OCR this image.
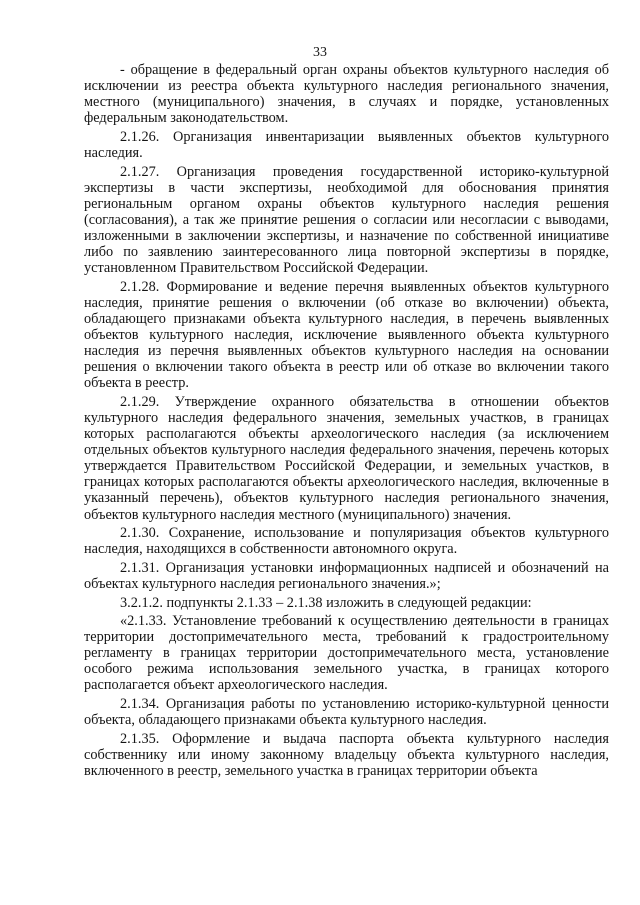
33

- обращение в федеральный орган охраны объектов культурного наследия об исключении из реестра объекта культурного наследия регионального значения, местного (муниципального) значения, в случаях и порядке, установленных федеральным законодательством.

2.1.26. Организация инвентаризации выявленных объектов культурного наследия.

2.1.27. Организация проведения государственной историко-культурной экспертизы в части экспертизы, необходимой для обоснования принятия региональным органом охраны объектов культурного наследия решения (согласования), а так же принятие решения о согласии или несогласии с выводами, изложенными в заключении экспертизы, и назначение по собственной инициативе либо по заявлению заинтересованного лица повторной экспертизы в порядке, установленном Правительством Российской Федерации.

2.1.28. Формирование и ведение перечня выявленных объектов культурного наследия, принятие решения о включении (об отказе во включении) объекта, обладающего признаками объекта культурного наследия, в перечень выявленных объектов культурного наследия, исключение выявленного объекта культурного наследия из перечня выявленных объектов культурного наследия на основании решения о включении такого объекта в реестр или об отказе во включении такого объекта в реестр.

2.1.29. Утверждение охранного обязательства в отношении объектов культурного наследия федерального значения, земельных участков, в границах которых располагаются объекты археологического наследия (за исключением отдельных объектов культурного наследия федерального значения, перечень которых утверждается Правительством Российской Федерации, и земельных участков, в границах которых располагаются объекты археологического наследия, включенные в указанный перечень), объектов культурного наследия регионального значения, объектов культурного наследия местного (муниципального) значения.

2.1.30. Сохранение, использование и популяризация объектов культурного наследия, находящихся в собственности автономного округа.

2.1.31. Организация установки информационных надписей и обозначений на объектах культурного наследия регионального значения.»;

3.2.1.2. подпункты 2.1.33 – 2.1.38 изложить в следующей редакции:

«2.1.33. Установление требований к осуществлению деятельности в границах территории достопримечательного места, требований к градостроительному регламенту в границах территории достопримечательного места, установление особого режима использования земельного участка, в границах которого располагается объект археологического наследия.

2.1.34. Организация работы по установлению историко-культурной ценности объекта, обладающего признаками объекта культурного наследия.

2.1.35. Оформление и выдача паспорта объекта культурного наследия собственнику или иному законному владельцу объекта культурного наследия, включенного в реестр, земельного участка в границах территории объекта
